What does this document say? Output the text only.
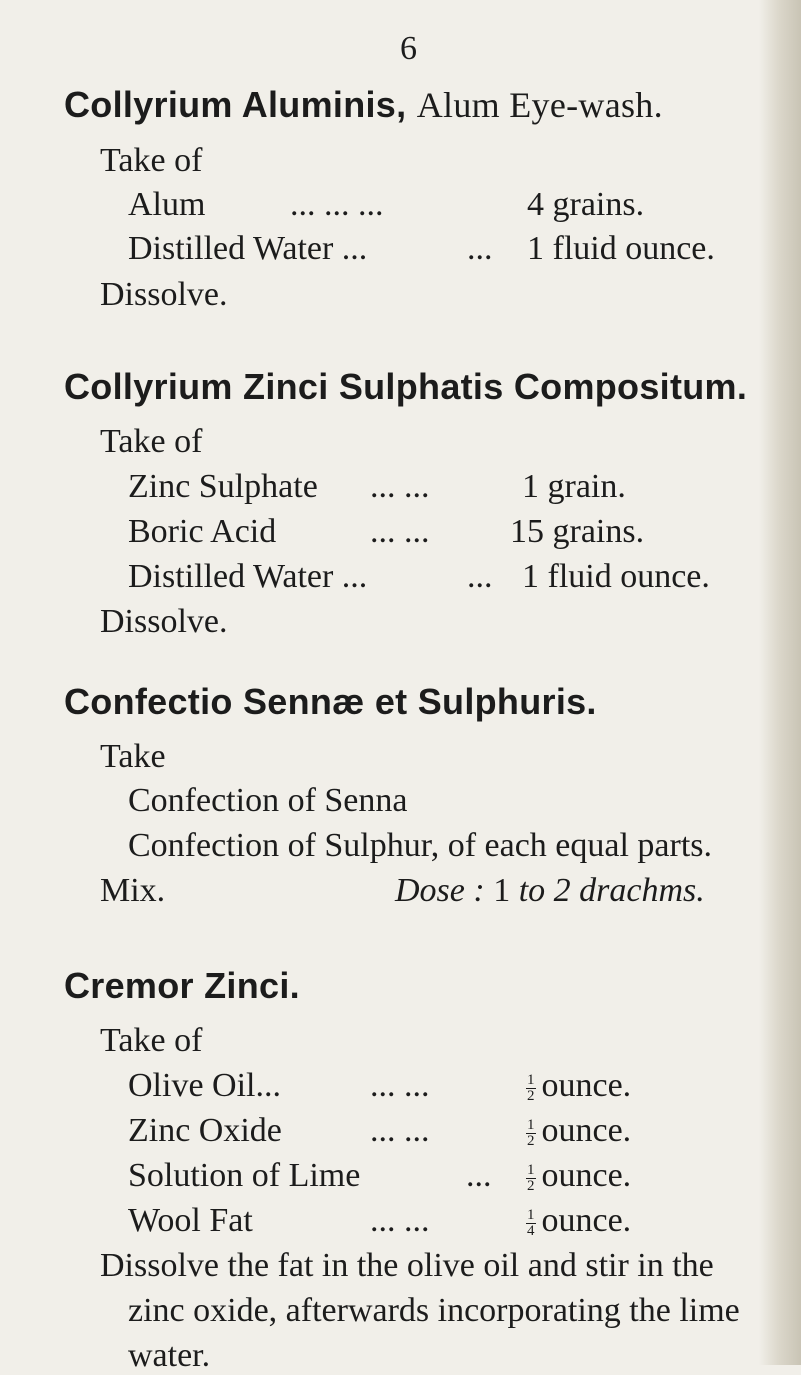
6
Collyrium Aluminis, Alum Eye-wash.
Take of
Alum ... ... ...	4 grains.
Distilled Water ...	... 1 fluid ounce.
Dissolve.
Collyrium Zinci Sulphatis Compositum.
Take of
Zinc Sulphate ... ...	1 grain.
Boric Acid	... ... 15 grains.
Distilled Water ...	... 1 fluid ounce.
Dissolve.
Confectio Sennæ et Sulphuris.
Take
Confection of Senna
Confection of Sulphur, of each equal parts.
Mix.	Dose : 1 to 2 drachms.
Cremor Zinci.
Take of
Olive Oil...	... ...	$\frac{1}{2}$ ounce.
Zinc Oxide	... ...	$\frac{1}{2}$ ounce.
Solution of Lime	... $\frac{1}{2}$ ounce.
Wool Fat	... ...	$\frac{1}{4}$ ounce.
Dissolve the fat in the olive oil and stir in the
zinc oxide, afterwards incorporating the lime
water.
